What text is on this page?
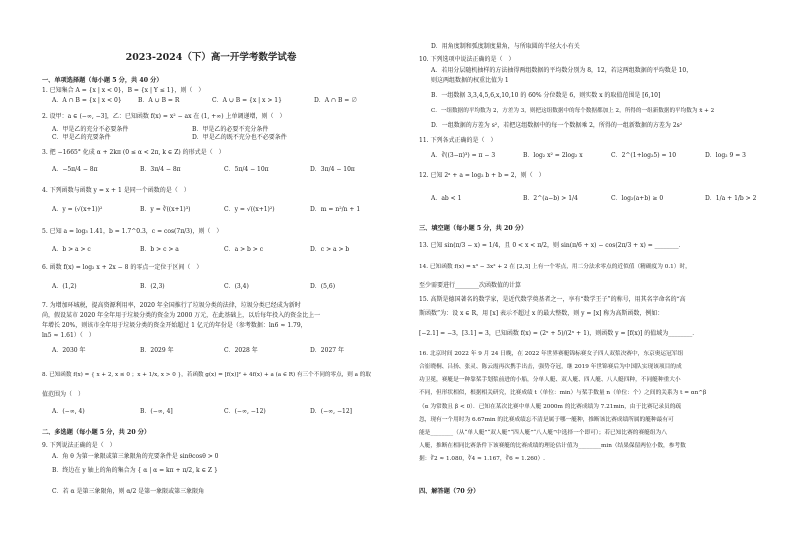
2023-2024（下）高一开学考数学试卷
一、单项选择题（每小题 5 分，共 40 分）
1. 已知集合 A = {x | x < 0}，B = {x | Y ≤ 1}，则（　）
A．A ∩ B = {x | x < 0}	B．A ∪ B = R	C．A ∪ B = {x | x > 1}	D．A ∩ B = ∅
2. 设甲：a ∈ (−∞, −3]，乙：已知函数 f(x) = x² − ax 在 (1, +∞) 上单调递增，则（　）
A．甲是乙的充分不必要条件	B．甲是乙的必要不充分条件
C．甲是乙的充要条件	D．甲是乙的既不充分也不必要条件
3. 把 −1665° 化成 α + 2kπ (0 ≤ α < 2π, k ∈ Z) 的形式是（　）
A．−5π/4 − 8π	B．3π/4 − 8π	C．5π/4 − 10π	D．3π/4 − 10π
4. 下列函数与函数 y = x + 1 是同一个函数的是（　）
A．y = (√(x+1))²	B．y = ∛((x+1)³)	C．y = √((x+1)²)	D．m = n²/n + 1
5. 已知 a = log₃ 1.41，b = 1.7^0.3，c = cos(7π/3)，则（　）
A．b > a > c	B．b > c > a	C．a > b > c	D．c > a > b
6. 函数 f(x) = log₂ x + 2x − 8 的零点一定位于区间（　）
A．(1,2)	B．(2,3)	C．(3,4)	D．(5,6)
7. 为增加环城税，提高资源利用率，2020 年全国推行了垃圾分类的法律，垃圾分类已经成为新时
尚，假设某市 2020 年全年用于垃圾分类的资金为 2000 万元，在此基础上，以后每年投入的资金比上一
年增长 20%，则该市全年用于垃圾分类的资金开始超过 1 亿元的年份是（参考数据：ln6 ≈ 1.79，
ln5 ≈ 1.61）（　）
A．2030 年	B．2029 年	C．2028 年	D．2027 年
8. 已知函数 f(x) = { x + 2, x ≤ 0 ；x + 1/x, x > 0 }，若函数 g(x) = [f(x)]² + 4f(x) + a (a ∈ R) 有三个不同的零点，则 a 的取
值范围为（　）
A．(−∞, 4)	B．(−∞, 4]	C．(−∞, −12)	D．(−∞, −12]
二、多选题（每小题 5 分，共 20 分）
9. 下列说法正确的是（　）
A．角 θ 为第一象限或第三象限角的充要条件是 sinθcosθ > 0
B．终边在 y 轴上的角的集合为 { α | α = kπ + π/2, k ∈ Z }
C．若 α 是第三象限角，则 α/2 是第一象限或第三象限角
D．用角度制和弧度制度量角，与所取圆的半径大小有关
10. 下列选项中说法正确的是（　）
A．若用分层随机抽样的方法抽得两组数据的平均数分别为 8，12，若这两组数据的平均数是 10，
则这两组数据的权重比值为 1
B．一组数据 3,3,4,5,6,x,10,10 的 60% 分位数是 6，则实数 x 的取值范围是 [6,10]
C．一组数据的平均数为 2，方差为 3，则把这组数据中的每个数据都加上 2，所得的一组新数据的平均数为 x̄ + 2
D．一组数据的方差为 s²，若把这组数据中的每一个数据乘 2，所得的一组新数据的方差为 2s²
11. 下列各式正确的是（　）
A．∛((3−π)³) = π − 3	B．log₂ x² = 2log₂ x	C．2^(1+log₂5) = 10	D．log₂ 9 = 3
12. 已知 2ᵃ + a = log₂ b + b = 2，则（　）
A．ab < 1	B．2^(a−b) > 1/4	C．log₂(a+b) ≥ 0	D．1/a + 1/b > 2
三、填空题（每小题 5 分，共 20 分）
13. 已知 sin(π/3 − x) = 1/4，且 0 < x < π/2，则 sin(π/6 + x) − cos(2π/3 + x) = ________．
14. 已知函数 f(x) = x³ − 3x² + 2 在 [2,3] 上有一个零点，用二分法求零点的近似值（精确度为 0.1）时，
至少需要进行________次函数值的计算
15. 高斯是德国著名的数学家，是近代数学奠基者之一，享有“数学王子”的称号，用其名字命名的“高
斯函数”为：设 x ∈ R，用 [x] 表示不超过 x 的最大整数，则 y = [x] 称为高斯函数，例如：
[−2.1] = −3，[3.1] = 3，已知函数 f(x) = (2ˣ + 5)/(2ˣ + 1)，则函数 y = [f(x)] 的值域为________．
16. 北京时间 2022 年 9 月 24 日晚，在 2022 年世界赛艇锦标赛女子四人双浆决赛中，东京奥运冠军组
合崔晓桐、吕扬、张灵、陈云霞再次携手出击，强势夺冠，继 2019 年世锦赛后为中国队实现该项目的成
功卫冕，赛艇是一种靠桨手划浆前进的小船，分单人艇、双人艇、四人艇、八人艇四种，不同艇种重大小
不同，但形状相似，根据相关研究，比赛成绩 t（单位：min）与桨手数量 n（单位：个）之间的关系为 t = αn^β
（α 为常数且 β < 0）．已知在某次比赛中单人艇 2000m 的比赛成绩为 7.21min，由于比赛记录员的疏
忽，现有一个用时为 6.67min 的比赛成绩忘不清是属于哪一艇种，推断该比赛成绩所属的艇种最有可
能是________（从“单人艇”“双人艇”“四人艇”“八人艇”中选择一个即可）；若已知比赛的赛艇组为八
人艇，推断在相同比赛条件下该赛艇的比赛成绩的理论估计值为________min（结果保留两位小数，参考数
据：∛2 ≈ 1.080，∛4 ≈ 1.167，∛6 ≈ 1.260）.
四、解答题（70 分）
